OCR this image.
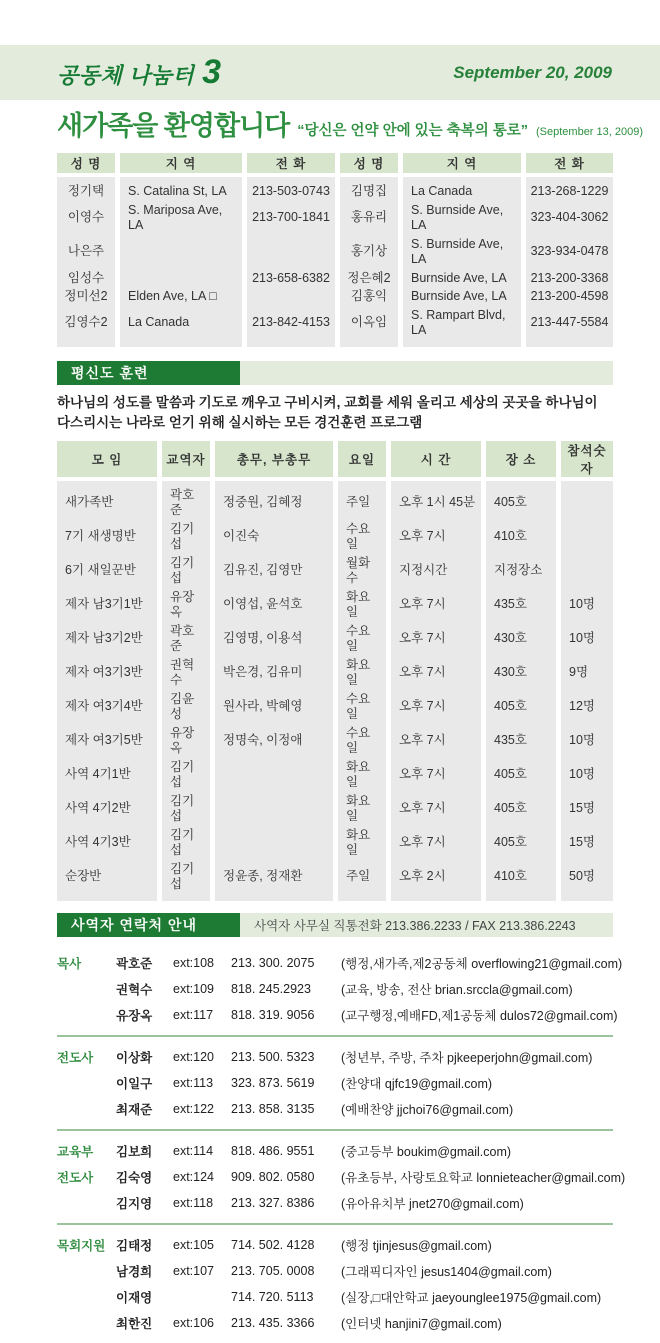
공동체 나눔터 3	September 20, 2009
새가족을 환영합니다 “당신은 언약 안에 있는 축복의 통로” (September 13, 2009)
성 명	지 역	전 화	성 명	지 역	전 화
정기택	S. Catalina St, LA	213-503-0743	김명집	La Canada	213-268-1229
이영수	S. Mariposa Ave, LA	213-700-1841	홍유리	S. Burnside Ave, LA	323-404-3062
나은주			홍기상	S. Burnside Ave, LA	323-934-0478
임성수		213-658-6382	정은혜2	Burnside Ave, LA	213-200-3368
정미선2	Elden Ave, LA □		김홍익	Burnside Ave, LA	213-200-4598
김영수2	La Canada	213-842-4153	이옥임	S. Rampart Blvd, LA	213-447-5584
평신도 훈련
하나님의 성도를 말씀과 기도로 깨우고 구비시켜, 교회를 세워 올리고 세상의 곳곳을 하나님이 다스리시는 나라로 얻기 위해 실시하는 모든 경건훈련 프로그램
모 임	교역자	총무, 부총무	요일	시 간	장 소	참석숫자
새가족반	곽호준	정중원, 김혜정	주일	오후 1시 45분	405호	
7기 새생명반	김기섭	이진숙	수요일	오후 7시	410호	
6기 새일꾼반	김기섭	김유진, 김영만	월화수	지정시간	지정장소	
제자 남3기1반	유장옥	이영섭, 윤석호	화요일	오후 7시	435호	10명
제자 남3기2반	곽호준	김영명, 이용석	수요일	오후 7시	430호	10명
제자 여3기3반	권혁수	박은경, 김유미	화요일	오후 7시	430호	9명
제자 여3기4반	김윤성	원사라, 박혜영	수요일	오후 7시	405호	12명
제자 여3기5반	유장옥	정명숙, 이정애	수요일	오후 7시	435호	10명
사역 4기1반	김기섭		화요일	오후 7시	405호	10명
사역 4기2반	김기섭		화요일	오후 7시	405호	15명
사역 4기3반	김기섭		화요일	오후 7시	405호	15명
순장반	김기섭	정윤종, 정재환	주일	오후 2시	410호	50명
사역자 연락처 안내	사역자 사무실 직통전화 213.386.2233 / FAX 213.386.2243
목사	곽호준	ext:108	213. 300. 2075	(행정,새가족,제2공동체 overflowing21@gmail.com)
권혁수	ext:109	818. 245.2923	(교육, 방송, 전산 brian.srccla@gmail.com)
유장옥	ext:117	818. 319. 9056	(교구행정,예배FD,제1공동체 dulos72@gmail.com)
전도사	이상화	ext:120	213. 500. 5323	(청년부, 주방, 주차 pjkeeperjohn@gmail.com)
이일구	ext:113	323. 873. 5619	(찬양대 qjfc19@gmail.com)
최재준	ext:122	213. 858. 3135	(예배찬양 jjchoi76@gmail.com)
교육부	김보희	ext:114	818. 486. 9551	(중고등부 boukim@gmail.com)
전도사	김숙영	ext:124	909. 802. 0580	(유초등부, 사랑토요학교 lonnieteacher@gmail.com)
김지영	ext:118	213. 327. 8386	(유아유치부 jnet270@gmail.com)
목회지원 김태정	ext:105	714. 502. 4128	(행정 tjinjesus@gmail.com)
남경희	ext:107	213. 705. 0008	(그래픽디자인 jesus1404@gmail.com)
이재영	714. 720. 5113	(실장,□대안학교 jaeyounglee1975@gmail.com)
최한진	ext:106	213. 435. 3366	(인터넷 hanjini7@gmail.com)
